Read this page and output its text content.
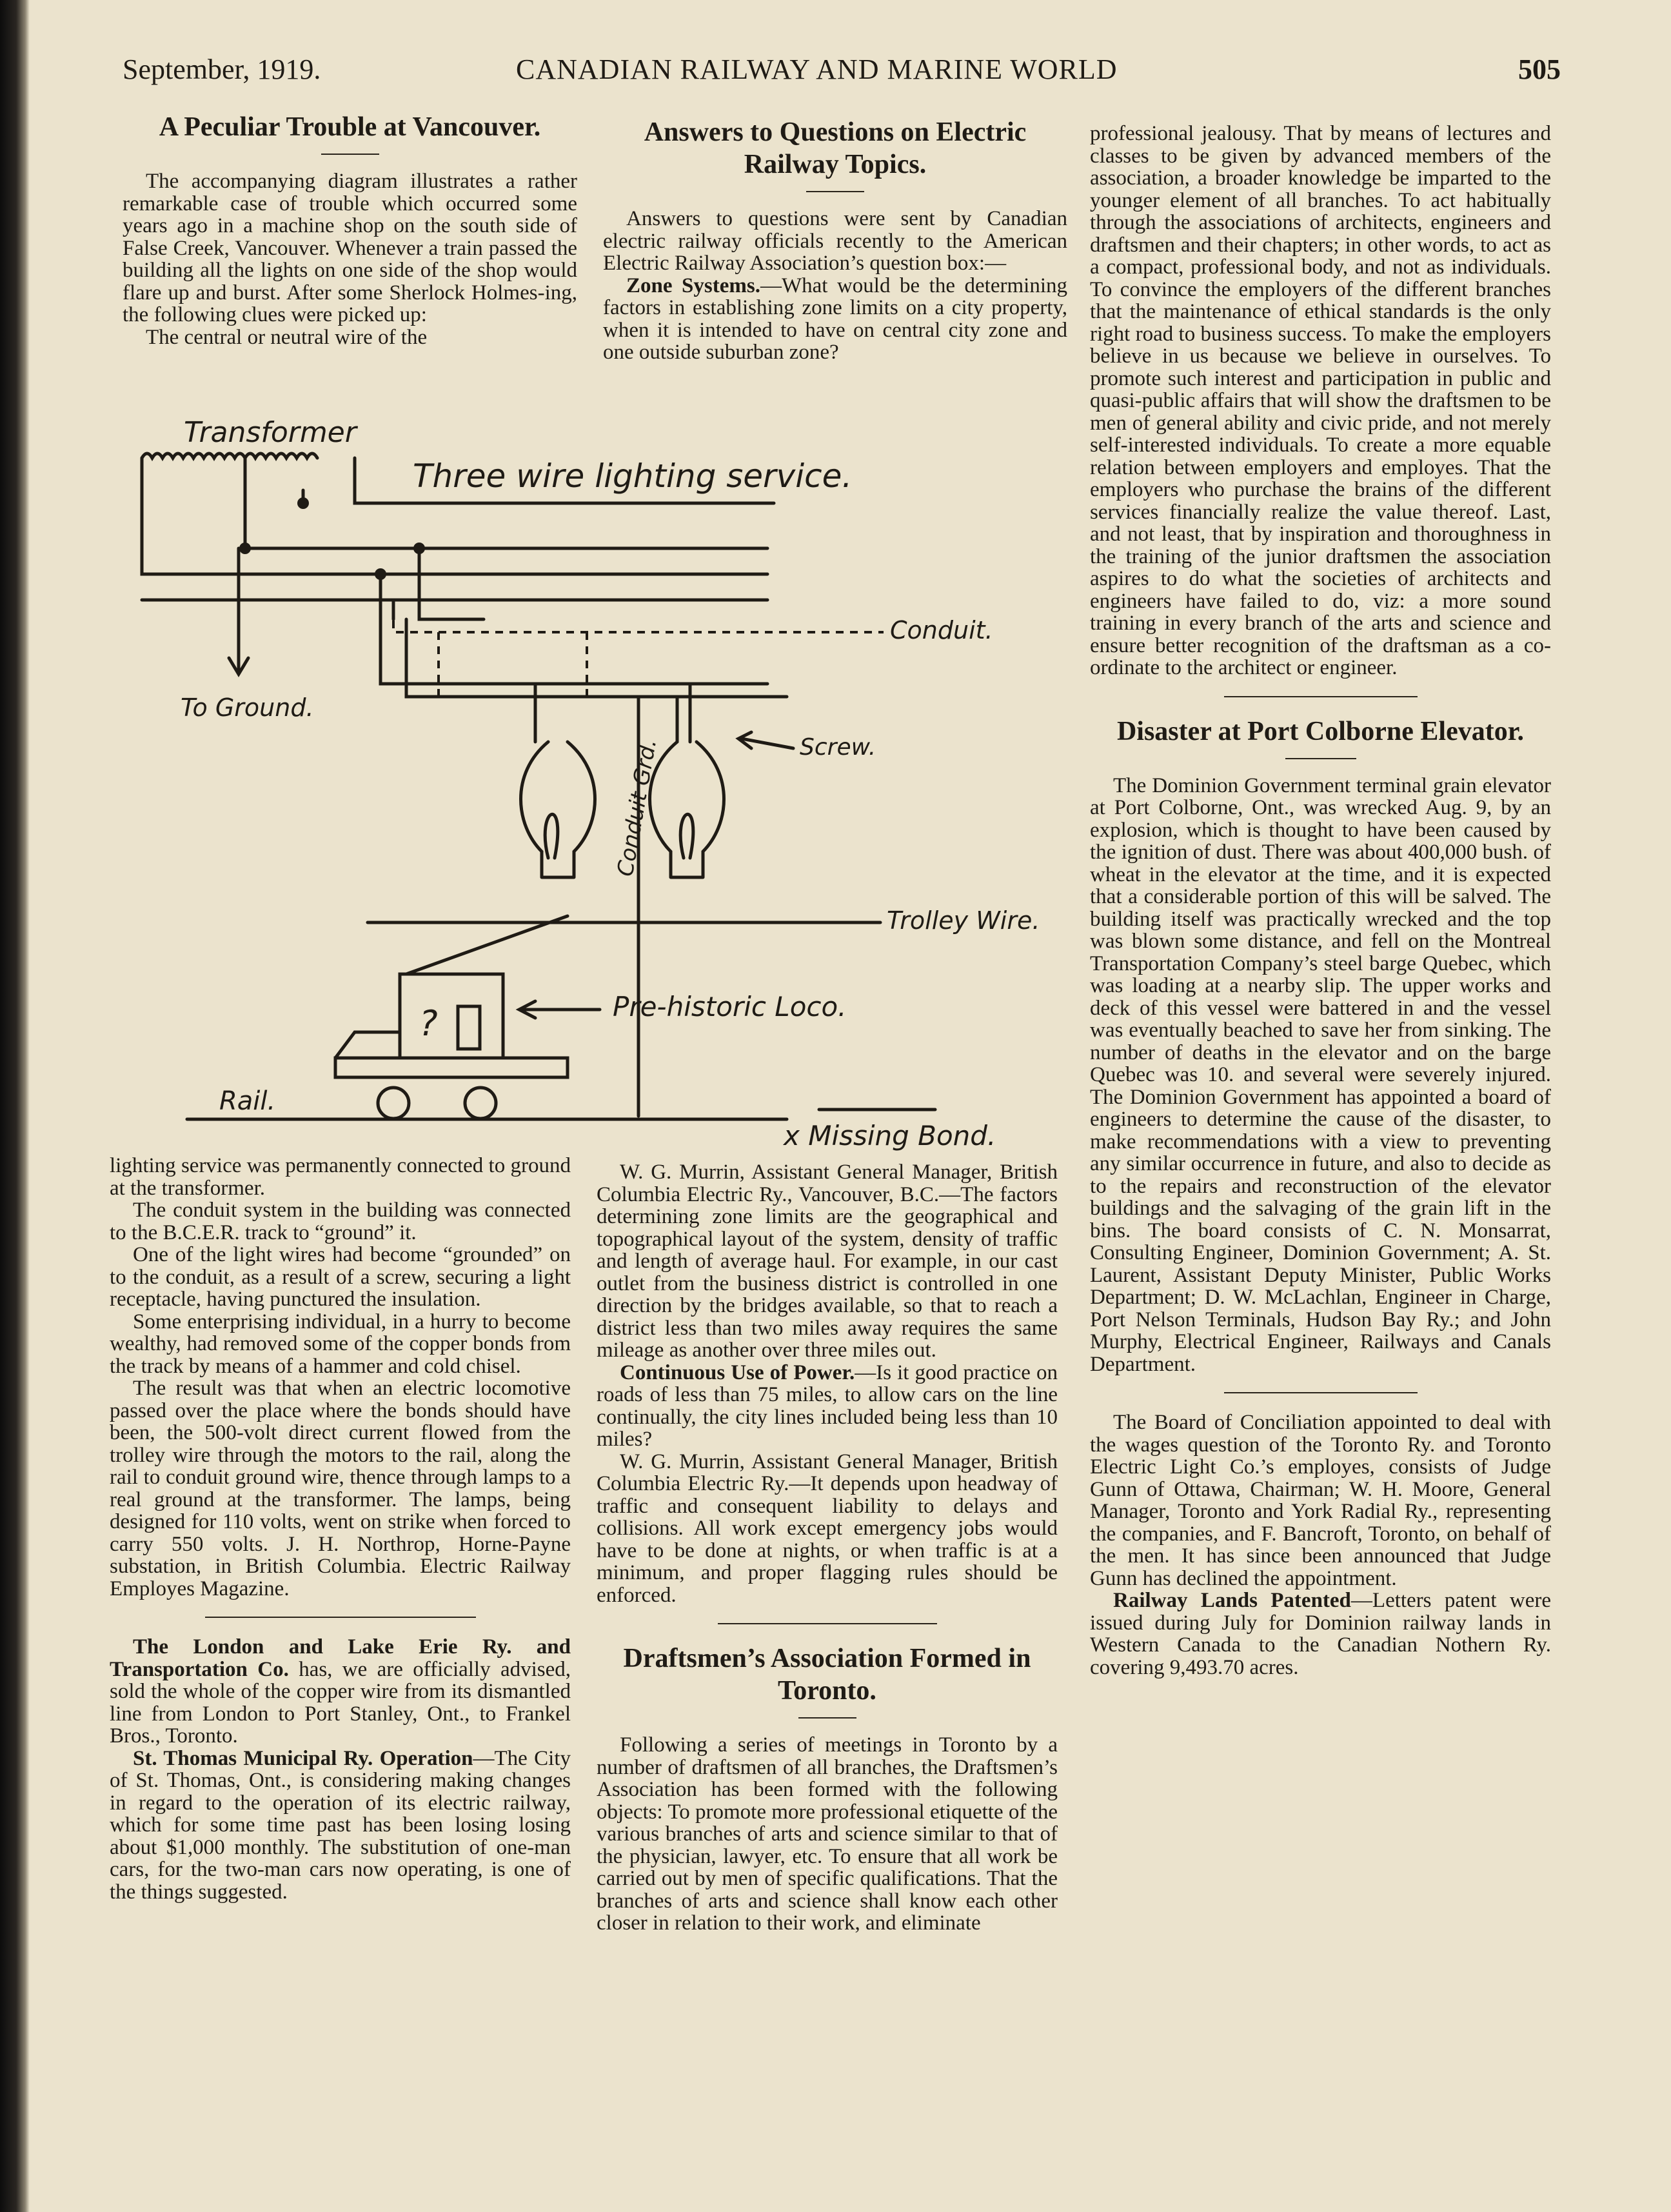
September, 1919.	CANADIAN RAILWAY AND MARINE WORLD	505
A Peculiar Trouble at Vancouver.

The accompanying diagram illustrates a rather remarkable case of trouble which occurred some years ago in a machine shop on the south side of False Creek, Vancouver. Whenever a train passed the building all the lights on one side of the shop would flare up and burst. After some Sherlock Holmes-ing, the following clues were picked up:

The central or neutral wire of the

Answers to Questions on Electric Railway Topics.

Answers to questions were sent by Canadian electric railway officials recently to the American Electric Railway Association’s question box:—

Zone Systems.—What would be the determining factors in establishing zone limits on a city property, when it is intended to have on central city zone and one outside suburban zone?

Transformer
Three wire lighting service.
To Ground.
Conduit.
Screw.
Conduit Grd.
Trolley Wire.
Pre-historic Loco.
Rail.
x Missing Bond.
?

lighting service was permanently connected to ground at the transformer.

The conduit system in the building was connected to the B.C.E.R. track to “ground” it.

One of the light wires had become “grounded” on to the conduit, as a result of a screw, securing a light receptacle, having punctured the insulation.

Some enterprising individual, in a hurry to become wealthy, had removed some of the copper bonds from the track by means of a hammer and cold chisel.

The result was that when an electric locomotive passed over the place where the bonds should have been, the 500-volt direct current flowed from the trolley wire through the motors to the rail, along the rail to conduit ground wire, thence through lamps to a real ground at the transformer. The lamps, being designed for 110 volts, went on strike when forced to carry 550 volts. J. H. Northrop, Horne-Payne substation, in British Columbia. Electric Railway Employes Magazine.

The London and Lake Erie Ry. and Transportation Co. has, we are officially advised, sold the whole of the copper wire from its dismantled line from London to Port Stanley, Ont., to Frankel Bros., Toronto.

St. Thomas Municipal Ry. Operation—The City of St. Thomas, Ont., is considering making changes in regard to the operation of its electric railway, which for some time past has been losing losing about $1,000 monthly. The substitution of one-man cars, for the two-man cars now operating, is one of the things suggested.

W. G. Murrin, Assistant General Manager, British Columbia Electric Ry., Vancouver, B.C.—The factors determining zone limits are the geographical and topographical layout of the system, density of traffic and length of average haul. For example, in our cast outlet from the business district is controlled in one direction by the bridges available, so that to reach a district less than two miles away requires the same mileage as another over three miles out.

Continuous Use of Power.—Is it good practice on roads of less than 75 miles, to allow cars on the line continually, the city lines included being less than 10 miles?

W. G. Murrin, Assistant General Manager, British Columbia Electric Ry.—It depends upon headway of traffic and consequent liability to delays and collisions. All work except emergency jobs would have to be done at nights, or when traffic is at a minimum, and proper flagging rules should be enforced.

Draftsmen’s Association Formed in Toronto.

Following a series of meetings in Toronto by a number of draftsmen of all branches, the Draftsmen’s Association has been formed with the following objects: To promote more professional etiquette of the various branches of arts and science similar to that of the physician, lawyer, etc. To ensure that all work be carried out by men of specific qualifications. That the branches of arts and science shall know each other closer in relation to their work, and eliminate

professional jealousy. That by means of lectures and classes to be given by advanced members of the association, a broader knowledge be imparted to the younger element of all branches. To act habitually through the associations of architects, engineers and draftsmen and their chapters; in other words, to act as a compact, professional body, and not as individuals. To convince the employers of the different branches that the maintenance of ethical standards is the only right road to business success. To make the employers believe in us because we believe in ourselves. To promote such interest and participation in public and quasi-public affairs that will show the draftsmen to be men of general ability and civic pride, and not merely self-interested individuals. To create a more equable relation between employers and employes. That the employers who purchase the brains of the different services financially realize the value thereof. Last, and not least, that by inspiration and thoroughness in the training of the junior draftsmen the association aspires to do what the societies of architects and engineers have failed to do, viz: a more sound training in every branch of the arts and science and ensure better recognition of the draftsman as a co-ordinate to the architect or engineer.

Disaster at Port Colborne Elevator.

The Dominion Government terminal grain elevator at Port Colborne, Ont., was wrecked Aug. 9, by an explosion, which is thought to have been caused by the ignition of dust. There was about 400,000 bush. of wheat in the elevator at the time, and it is expected that a considerable portion of this will be salved. The building itself was practically wrecked and the top was blown some distance, and fell on the Montreal Transportation Company’s steel barge Quebec, which was loading at a nearby slip. The upper works and deck of this vessel were battered in and the vessel was eventually beached to save her from sinking. The number of deaths in the elevator and on the barge Quebec was 10. and several were severely injured. The Dominion Government has appointed a board of engineers to determine the cause of the disaster, to make recommendations with a view to preventing any similar occurrence in future, and also to decide as to the repairs and reconstruction of the elevator buildings and the salvaging of the grain lift in the bins. The board consists of C. N. Monsarrat, Consulting Engineer, Dominion Government; A. St. Laurent, Assistant Deputy Minister, Public Works Department; D. W. McLachlan, Engineer in Charge, Port Nelson Terminals, Hudson Bay Ry.; and John Murphy, Electrical Engineer, Railways and Canals Department.

The Board of Conciliation appointed to deal with the wages question of the Toronto Ry. and Toronto Electric Light Co.’s employes, consists of Judge Gunn of Ottawa, Chairman; W. H. Moore, General Manager, Toronto and York Radial Ry., representing the companies, and F. Bancroft, Toronto, on behalf of the men. It has since been announced that Judge Gunn has declined the appointment.

Railway Lands Patented—Letters patent were issued during July for Dominion railway lands in Western Canada to the Canadian Nothern Ry. covering 9,493.70 acres.
